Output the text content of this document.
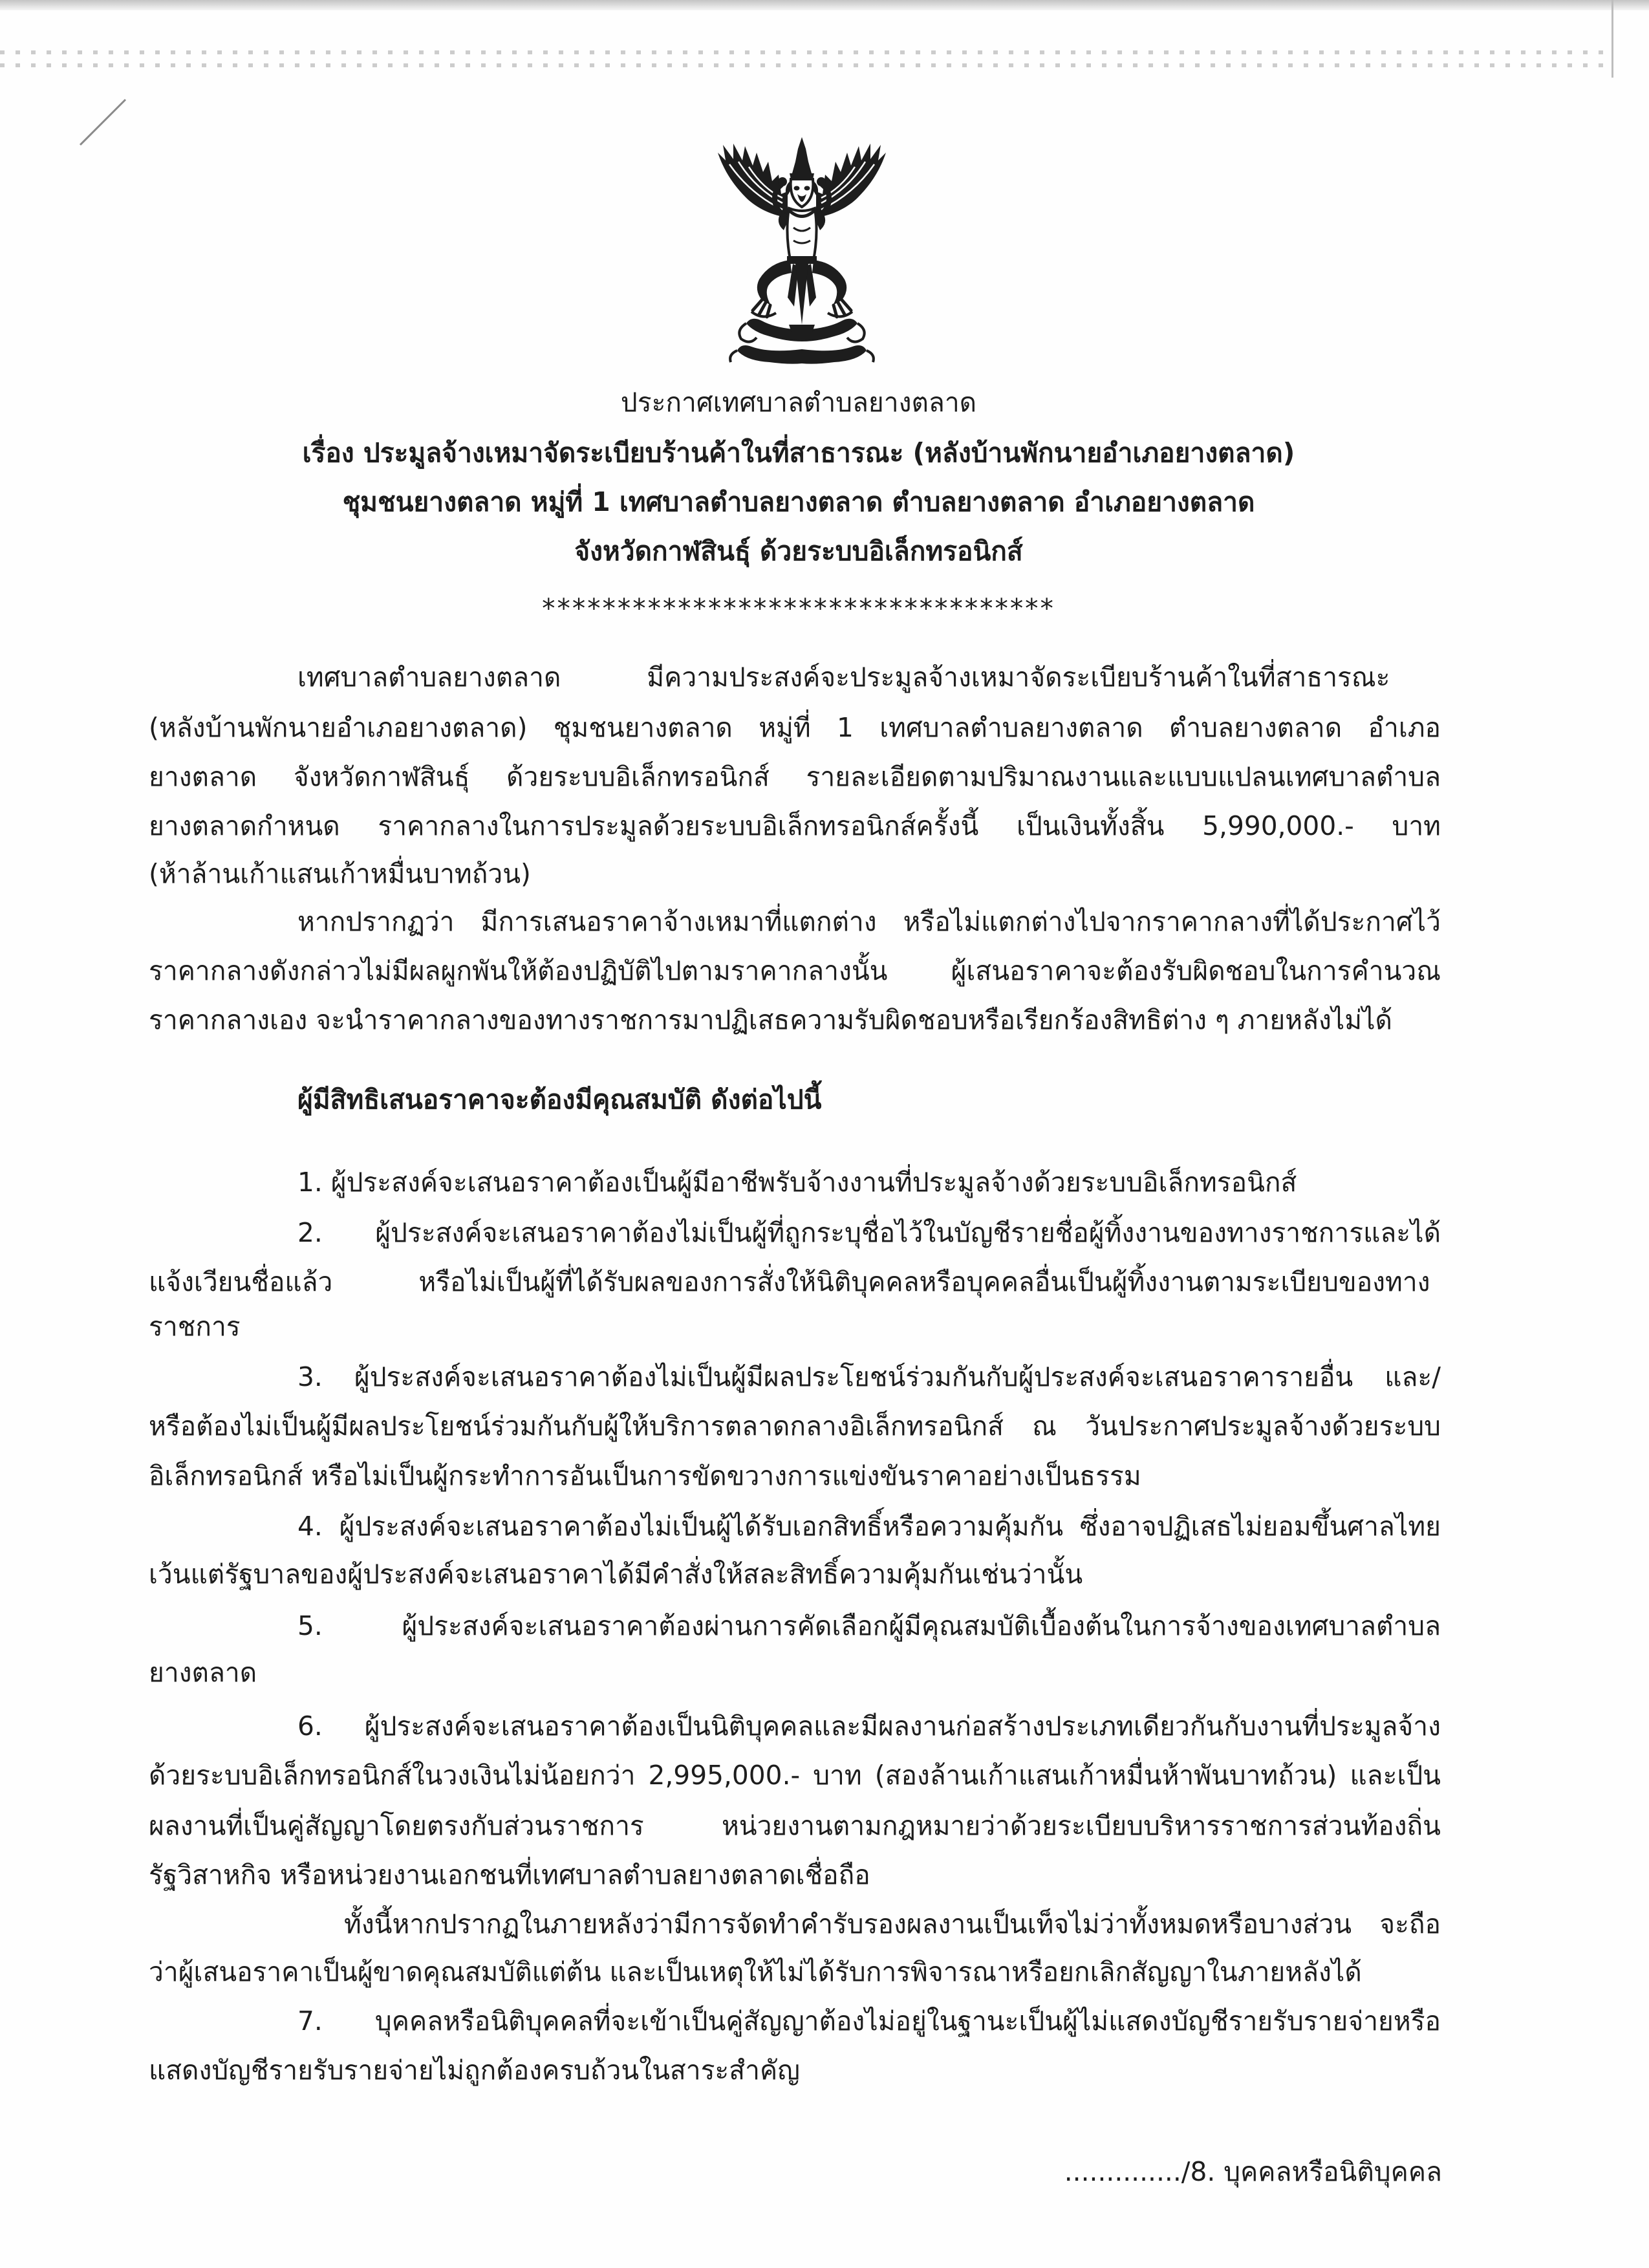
ประกาศเทศบาลตำบลยางตลาด
เรื่อง ประมูลจ้างเหมาจัดระเบียบร้านค้าในที่สาธารณะ (หลังบ้านพักนายอำเภอยางตลาด)
ชุมชนยางตลาด หมู่ที่ 1 เทศบาลตำบลยางตลาด ตำบลยางตลาด อำเภอยางตลาด
จังหวัดกาฬสินธุ์ ด้วยระบบอิเล็กทรอนิกส์
**********************************
เทศบาลตำบลยางตลาด มีความประสงค์จะประมูลจ้างเหมาจัดระเบียบร้านค้าในที่สาธารณะ
(หลังบ้านพักนายอำเภอยางตลาด) ชุมชนยางตลาด หมู่ที่ 1 เทศบาลตำบลยางตลาด ตำบลยางตลาด อำเภอ
ยางตลาด จังหวัดกาฬสินธุ์ ด้วยระบบอิเล็กทรอนิกส์ รายละเอียดตามปริมาณงานและแบบแปลนเทศบาลตำบล
ยางตลาดกำหนด ราคากลางในการประมูลด้วยระบบอิเล็กทรอนิกส์ครั้งนี้ เป็นเงินทั้งสิ้น 5,990,000.- บาท
(ห้าล้านเก้าแสนเก้าหมื่นบาทถ้วน)
หากปรากฏว่า มีการเสนอราคาจ้างเหมาที่แตกต่าง หรือไม่แตกต่างไปจากราคากลางที่ได้ประกาศไว้
ราคากลางดังกล่าวไม่มีผลผูกพันให้ต้องปฏิบัติไปตามราคากลางนั้น ผู้เสนอราคาจะต้องรับผิดชอบในการคำนวณ
ราคากลางเอง จะนำราคากลางของทางราชการมาปฏิเสธความรับผิดชอบหรือเรียกร้องสิทธิต่าง ๆ ภายหลังไม่ได้
ผู้มีสิทธิเสนอราคาจะต้องมีคุณสมบัติ ดังต่อไปนี้
1. ผู้ประสงค์จะเสนอราคาต้องเป็นผู้มีอาชีพรับจ้างงานที่ประมูลจ้างด้วยระบบอิเล็กทรอนิกส์
2. ผู้ประสงค์จะเสนอราคาต้องไม่เป็นผู้ที่ถูกระบุชื่อไว้ในบัญชีรายชื่อผู้ทิ้งงานของทางราชการและได้
แจ้งเวียนชื่อแล้ว หรือไม่เป็นผู้ที่ได้รับผลของการสั่งให้นิติบุคคลหรือบุคคลอื่นเป็นผู้ทิ้งงานตามระเบียบของทาง
ราชการ
3. ผู้ประสงค์จะเสนอราคาต้องไม่เป็นผู้มีผลประโยชน์ร่วมกันกับผู้ประสงค์จะเสนอราคารายอื่น และ/
หรือต้องไม่เป็นผู้มีผลประโยชน์ร่วมกันกับผู้ให้บริการตลาดกลางอิเล็กทรอนิกส์ ณ วันประกาศประมูลจ้างด้วยระบบ
อิเล็กทรอนิกส์ หรือไม่เป็นผู้กระทำการอันเป็นการขัดขวางการแข่งขันราคาอย่างเป็นธรรม
4. ผู้ประสงค์จะเสนอราคาต้องไม่เป็นผู้ได้รับเอกสิทธิ์หรือความคุ้มกัน ซึ่งอาจปฏิเสธไม่ยอมขึ้นศาลไทย
เว้นแต่รัฐบาลของผู้ประสงค์จะเสนอราคาได้มีคำสั่งให้สละสิทธิ์ความคุ้มกันเช่นว่านั้น
5. ผู้ประสงค์จะเสนอราคาต้องผ่านการคัดเลือกผู้มีคุณสมบัติเบื้องต้นในการจ้างของเทศบาลตำบล
ยางตลาด
6. ผู้ประสงค์จะเสนอราคาต้องเป็นนิติบุคคลและมีผลงานก่อสร้างประเภทเดียวกันกับงานที่ประมูลจ้าง
ด้วยระบบอิเล็กทรอนิกส์ในวงเงินไม่น้อยกว่า 2,995,000.- บาท (สองล้านเก้าแสนเก้าหมื่นห้าพันบาทถ้วน) และเป็น
ผลงานที่เป็นคู่สัญญาโดยตรงกับส่วนราชการ หน่วยงานตามกฎหมายว่าด้วยระเบียบบริหารราชการส่วนท้องถิ่น
รัฐวิสาหกิจ หรือหน่วยงานเอกชนที่เทศบาลตำบลยางตลาดเชื่อถือ
ทั้งนี้หากปรากฏในภายหลังว่ามีการจัดทำคำรับรองผลงานเป็นเท็จไม่ว่าทั้งหมดหรือบางส่วน จะถือ
ว่าผู้เสนอราคาเป็นผู้ขาดคุณสมบัติแต่ต้น และเป็นเหตุให้ไม่ได้รับการพิจารณาหรือยกเลิกสัญญาในภายหลังได้
7. บุคคลหรือนิติบุคคลที่จะเข้าเป็นคู่สัญญาต้องไม่อยู่ในฐานะเป็นผู้ไม่แสดงบัญชีรายรับรายจ่ายหรือ
แสดงบัญชีรายรับรายจ่ายไม่ถูกต้องครบถ้วนในสาระสำคัญ
............../8. บุคคลหรือนิติบุคคล
